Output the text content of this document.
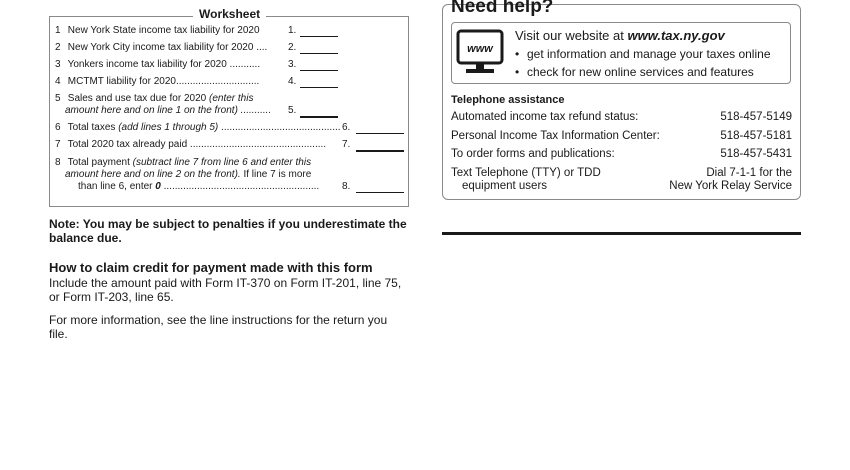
Worksheet
1 New York State income tax liability for 2020	1.
2 New York City income tax liability for 2020 .... 2.
3 Yonkers income tax liability for 2020 ...........	3.
4 MCTMT liability for 2020..............................	4.
5 Sales and use tax due for 2020 (enter this
amount here and on line 1 on the front) ........... 5.
6 Total taxes (add lines 1 through 5) ........................................... 6.
7 Total 2020 tax already paid ................................................. 7.
8 Total payment (subtract line 7 from line 6 and enter this
amount here and on line 2 on the front). If line 7 is more
than line 6, enter 0 ........................................................ 8.
Note: You may be subject to penalties if you underestimate the balance due.
How to claim credit for payment made with this form
Include the amount paid with Form IT-370 on Form IT-201, line 75, or Form IT-203, line 65.
For more information, see the line instructions for the return you file.
Need help?
www
Visit our website at www.tax.ny.gov
• get information and manage your taxes online
• check for new online services and features
Telephone assistance
Automated income tax refund status:	518-457-5149
Personal Income Tax Information Center:	518-457-5181
To order forms and publications:	518-457-5431
Text Telephone (TTY) or TDD
equipment users
Dial 7-1-1 for the
New York Relay Service
